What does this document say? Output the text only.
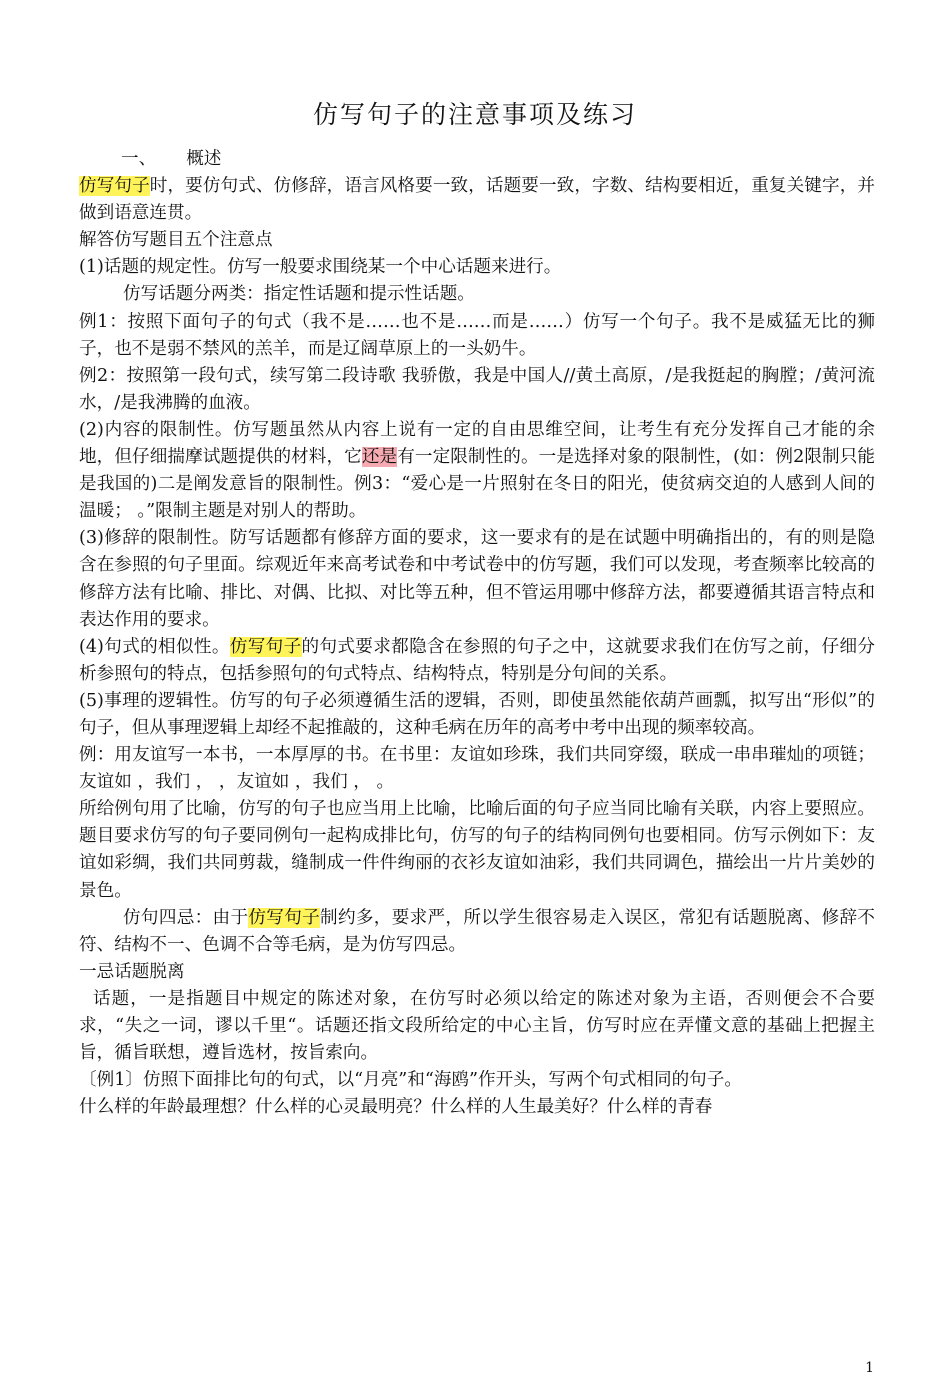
仿写句子的注意事项及练习

一、 概述

仿写句子时，要仿句式、仿修辞，语言风格要一致，话题要一致，字数、结构要相近，重复关键字，并做到语意连贯。

解答仿写题目五个注意点

(1)话题的规定性。仿写一般要求围绕某一个中心话题来进行。

仿写话题分两类：指定性话题和提示性话题。

例1：按照下面句子的句式（我不是……也不是……而是……）仿写一个句子。我不是威猛无比的狮子，也不是弱不禁风的羔羊，而是辽阔草原上的一头奶牛。

例2：按照第一段句式，续写第二段诗歌 我骄傲，我是中国人//黄土高原，/是我挺起的胸膛；/黄河流水，/是我沸腾的血液。

(2)内容的限制性。仿写题虽然从内容上说有一定的自由思维空间，让考生有充分发挥自己才能的余地，但仔细揣摩试题提供的材料，它还是有一定限制性的。一是选择对象的限制性，(如：例2限制只能是我国的)二是阐发意旨的限制性。例3：“爱心是一片照射在冬日的阳光，使贫病交迫的人感到人间的温暖； 。”限制主题是对别人的帮助。

(3)修辞的限制性。防写话题都有修辞方面的要求，这一要求有的是在试题中明确指出的，有的则是隐含在参照的句子里面。综观近年来高考试卷和中考试卷中的仿写题，我们可以发现，考查频率比较高的修辞方法有比喻、排比、对偶、比拟、对比等五种，但不管运用哪中修辞方法，都要遵循其语言特点和表达作用的要求。

(4)句式的相似性。仿写句子的句式要求都隐含在参照的句子之中，这就要求我们在仿写之前，仔细分析参照句的特点，包括参照句的句式特点、结构特点，特别是分句间的关系。

(5)事理的逻辑性。仿写的句子必须遵循生活的逻辑，否则，即使虽然能依葫芦画瓢，拟写出“形似”的句子，但从事理逻辑上却经不起推敲的，这种毛病在历年的高考中考中出现的频率较高。

例：用友谊写一本书，一本厚厚的书。在书里：友谊如珍珠，我们共同穿缀，联成一串串璀灿的项链；友谊如 ，我们 ， ，友谊如 ，我们 ， 。

所给例句用了比喻，仿写的句子也应当用上比喻，比喻后面的句子应当同比喻有关联，内容上要照应。题目要求仿写的句子要同例句一起构成排比句，仿写的句子的结构同例句也要相同。仿写示例如下：友谊如彩绸，我们共同剪裁，缝制成一件件绚丽的衣衫友谊如油彩，我们共同调色，描绘出一片片美妙的景色。

仿句四忌：由于仿写句子制约多，要求严，所以学生很容易走入误区，常犯有话题脱离、修辞不符、结构不一、色调不合等毛病，是为仿写四忌。

一忌话题脱离

话题，一是指题目中规定的陈述对象，在仿写时必须以给定的陈述对象为主语，否则便会不合要求，“失之一词，谬以千里“。话题还指文段所给定的中心主旨，仿写时应在弄懂文意的基础上把握主旨，循旨联想，遵旨选材，按旨索向。

〔例1〕仿照下面排比句的句式，以“月亮”和“海鸥”作开头，写两个句式相同的句子。

什么样的年龄最理想？什么样的心灵最明亮？什么样的人生最美好？什么样的青春

1
